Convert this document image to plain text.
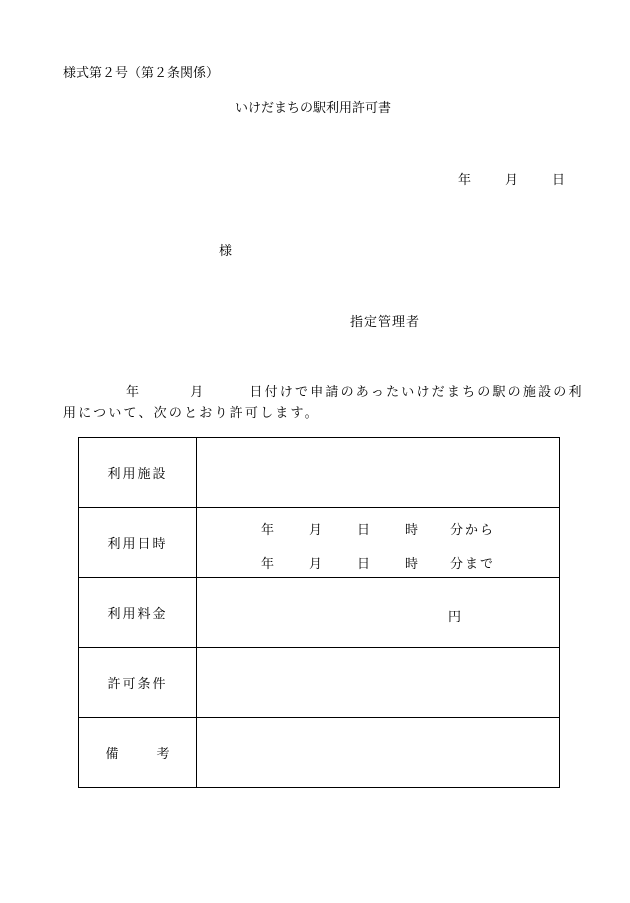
様式第２号（第２条関係）
いけだまちの駅利用許可書
年	月	日
様
指定管理者
年	月	日付けで申請のあったいけだまちの駅の施設の利
用について、次のとおり許可します。
利用施設	
利用日時	年 月 日 時 分から
年 月 日 時 分まで

利用料金	円

許可条件	
備 考	
